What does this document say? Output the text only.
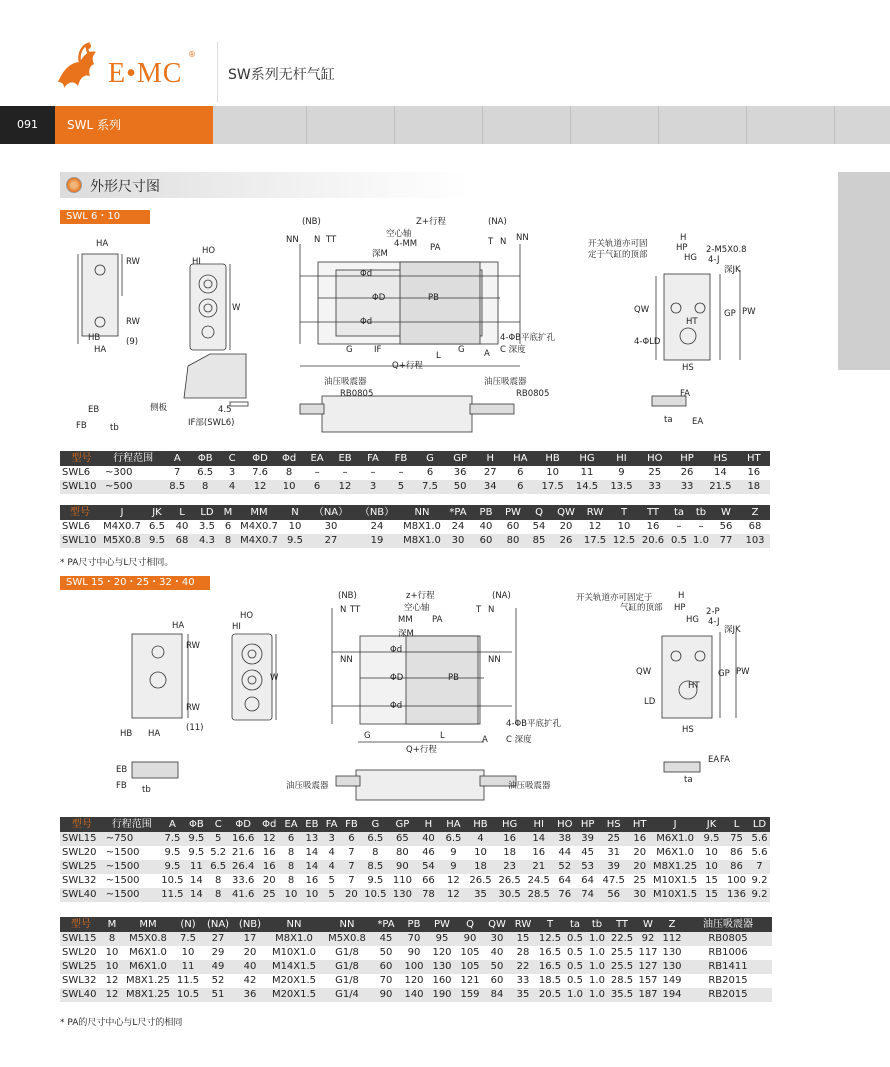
E•MC
®
SW系列无杆气缸
091	SWL 系列
外形尺寸图
SWL 6・10
HA
RW
RW
(9)
HB
HA
HO
HI
W
侧板	4.5
IF部(SWL6)
(NB)	Z+行程	(NA)
NN N TT
空心轴
4-MM
深M
PA
T N NN
Φd
ΦD	PB
Φd
G	IF
L
G A
4-ΦB平底扩孔
C 深度
Q+行程
油压吸震器
RB0805
油压吸震器
RB0805
FB
EB
tb
开关轨道亦可固
定于气缸的顶部
H
HP
HG
2-M5X0.8
4-J
深JK
QW
4-ΦLD
HT
GP PW
HS
FA
ta EA
型号	行程范围	A	ΦB	C	ΦD	Φd	EA	EB	FA	FB	G	GP	H	HA	HB	HG	HI	HO	HP	HS	HT
SWL6	~300	7	6.5	3	7.6	8	–	–	–	–	6	36	27	6	10	11	9	25	26	14	16
SWL10	~500	8.5	8	4	12	10	6	12	3	5	7.5	50	34	6	17.5	14.5	13.5	33	33	21.5	18
型号	J	JK	L	LD	M	MM	N	（NA）	（NB）	NN	*PA	PB	PW	Q	QW	RW	T	TT	ta	tb	W	Z
SWL6	M4X0.7	6.5	40	3.5	6	M4X0.7	10	30	24	M8X1.0	24	40	60	54	20	12	10	16	–	–	56	68
SWL10	M5X0.8	9.5	68	4.3	8	M4X0.7	9.5	27	19	M8X1.0	30	60	80	85	26	17.5	12.5	20.6	0.5	1.0	77	103
* PA尺寸中心与L尺寸相同。
SWL 15・20・25・32・40
HA
RW
RW
(11)
HB HA
HO
HI
W
(NB)	z+行程	(NA)
N TT	空心轴
MM
深M
PA
T N
NN	NN
Φd
ΦD	PB
Φd
G	L	A
4-ΦB平底扩孔
C 深度
Q+行程
油压吸震器	油压吸震器
EB
FB tb
开关轨道亦可固定于
气缸的顶部
H
HP 2-P
HG 4-J
深JK
QW	GP PW
LD
HT
HS
EA FA
ta
型号	行程范围	A	ΦB	C	ΦD	Φd	EA	EB	FA	FB	G	GP	H	HA	HB	HG	HI	HO	HP	HS	HT	J	JK	L	LD
SWL15	~750	7.5	9.5	5	16.6	12	6	13	3	6	6.5	65	40	6.5	4	16	14	38	39	25	16	M6X1.0	9.5	75	5.6
SWL20	~1500	9.5	9.5	5.2	21.6	16	8	14	4	7	8	80	46	9	10	18	16	44	45	31	20	M6X1.0	10	86	5.6
SWL25	~1500	9.5	11	6.5	26.4	16	8	14	4	7	8.5	90	54	9	18	23	21	52	53	39	20	M8X1.25	10	86	7
SWL32	~1500	10.5	14	8	33.6	20	8	16	5	7	9.5	110	66	12	26.5	26.5	24.5	64	64	47.5	25	M10X1.5	15	100	9.2
SWL40	~1500	11.5	14	8	41.6	25	10	10	5	20	10.5	130	78	12	35	30.5	28.5	76	74	56	30	M10X1.5	15	136	9.2
型号	M	MM	(N)	(NA)	(NB)	NN	NN	*PA	PB	PW	Q	QW	RW	T	ta	tb	TT	W	Z	油压吸震器
SWL15	8	M5X0.8	7.5	27	17	M8X1.0	M5X0.8	45	70	95	90	30	15	12.5	0.5	1.0	22.5	92	112	RB0805
SWL20	10	M6X1.0	10	29	20	M10X1.0	G1/8	50	90	120	105	40	28	16.5	0.5	1.0	25.5	117	130	RB1006
SWL25	10	M6X1.0	11	49	40	M14X1.5	G1/8	60	100	130	105	50	22	16.5	0.5	1.0	25.5	127	130	RB1411
SWL32	12	M8X1.25	11.5	52	42	M20X1.5	G1/8	70	120	160	121	60	33	18.5	0.5	1.0	28.5	157	149	RB2015
SWL40	12	M8X1.25	10.5	51	36	M20X1.5	G1/4	90	140	190	159	84	35	20.5	1.0	1.0	35.5	187	194	RB2015
* PA的尺寸中心与L尺寸的相同
